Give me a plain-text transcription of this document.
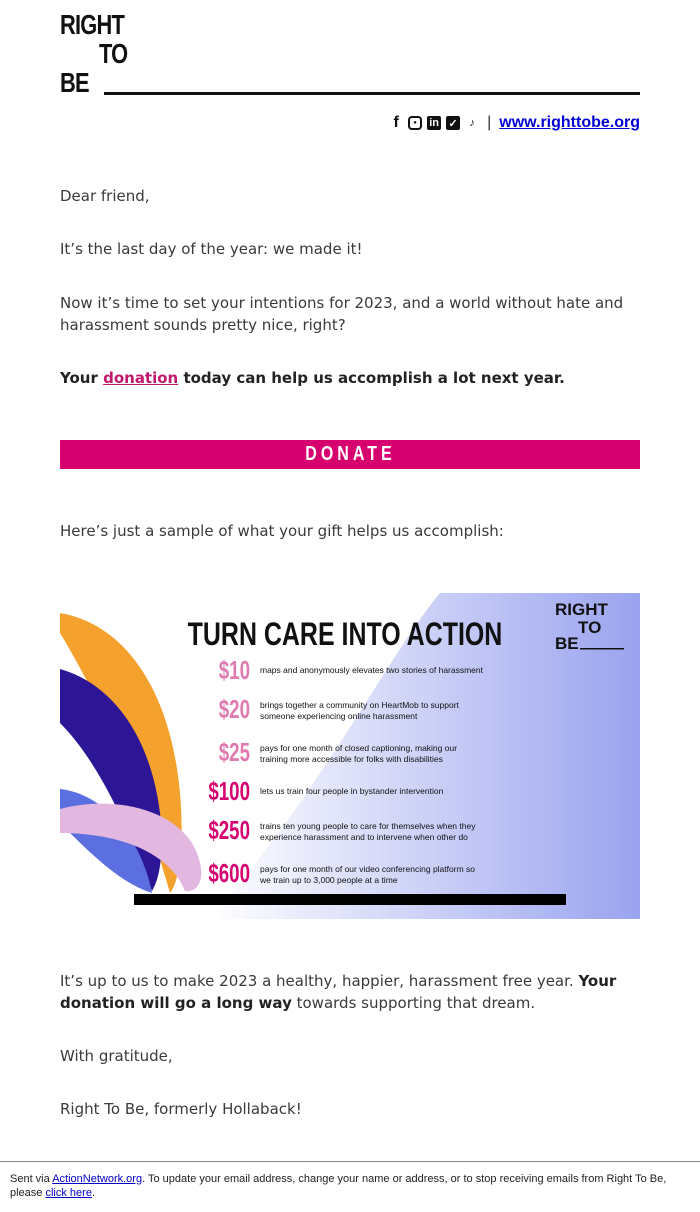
RIGHT
TO
BE
f	●	in ✓	♪ | www.righttobe.org

Dear friend,

It’s the last day of the year: we made it!

Now it’s time to set your intentions for 2023, and a world without hate and harassment sounds pretty nice, right?

Your donation today can help us accomplish a lot next year.

DONATE

Here’s just a sample of what your gift helps us accomplish:

TURN CARE INTO ACTION
RIGHT
TO
BE
$10 maps and anonymously elevates two stories of harassment
$20 brings together a community on HeartMob to support
someone experiencing online harassment
$25 pays for one month of closed captioning, making our
training more accessible for folks with disabilities
$100 lets us train four people in bystander intervention
$250 trains ten young people to care for themselves when they
experience harassment and to intervene when other do
$600 pays for one month of our video conferencing platform so
we train up to 3,000 people at a time

It’s up to us to make 2023 a healthy, happier, harassment free year. Your donation will go a long way towards supporting that dream.

With gratitude,

Right To Be, formerly Hollaback!

Sent via ActionNetwork.org. To update your email address, change your name or address, or to stop receiving emails from Right To Be, please click here.
